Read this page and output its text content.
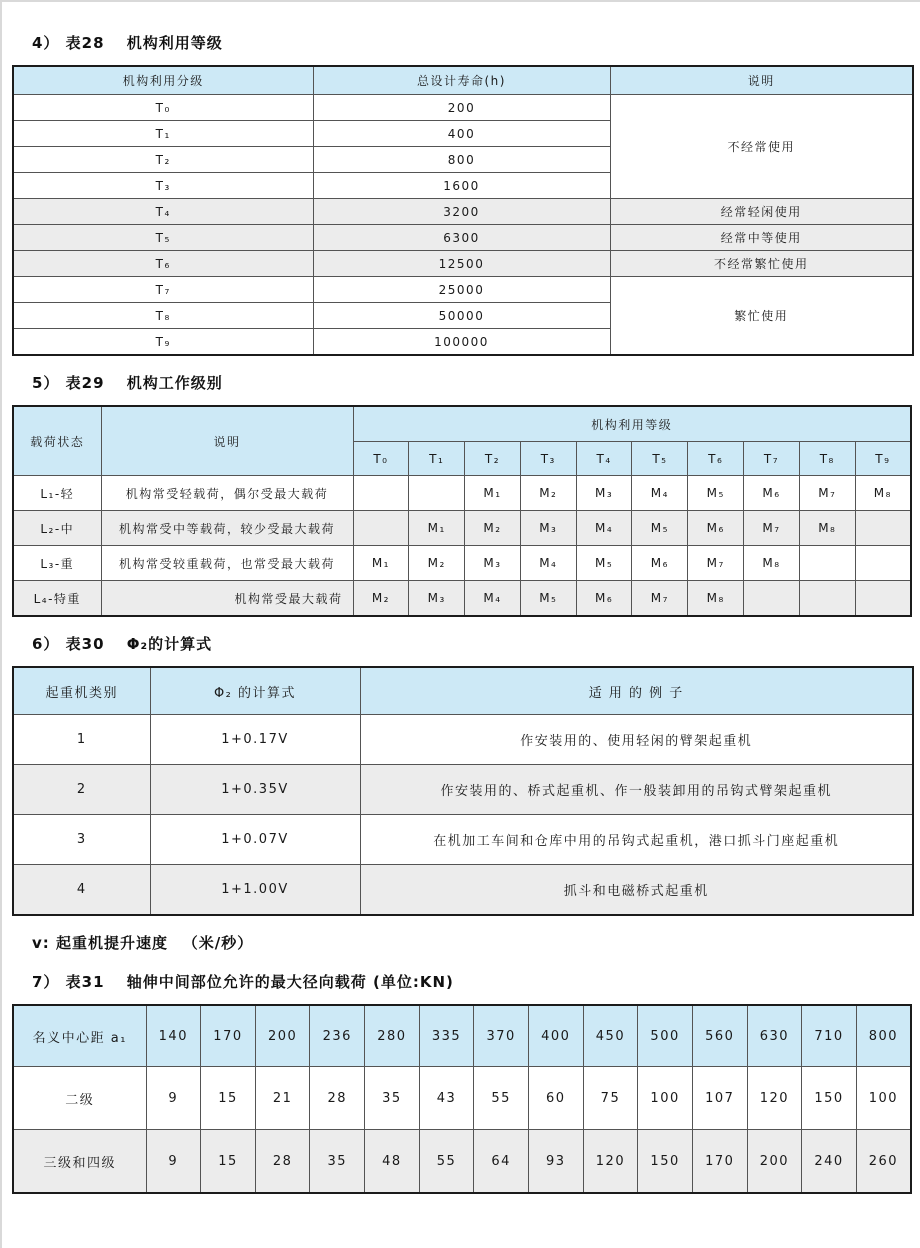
4） 表28　 机构利用等级
机构利用分级	总设计寿命(h)	说明
T₀	200	不经常使用
T₁	400	
T₂	800	
T₃	1600	
T₄	3200	经常轻闲使用
T₅	6300	经常中等使用
T₆	12500	不经常繁忙使用
T₇	25000	繁忙使用
T₈	50000	
T₉	100000	
5） 表29　 机构工作级别
载荷状态	说明	机构利用等级									
		T₀	T₁	T₂	T₃	T₄	T₅	T₆	T₇	T₈	T₉
L₁-轻	机构常受轻载荷，偶尔受最大载荷			M₁	M₂	M₃	M₄	M₅	M₆	M₇	M₈
L₂-中	机构常受中等载荷，较少受最大载荷		M₁	M₂	M₃	M₄	M₅	M₆	M₇	M₈	
L₃-重	机构常受较重载荷，也常受最大载荷	M₁	M₂	M₃	M₄	M₅	M₆	M₇	M₈		
L₄-特重	机构常受最大载荷	M₂	M₃	M₄	M₅	M₆	M₇	M₈			
6） 表30　 Φ₂的计算式
起重机类别	Φ₂ 的计算式	适 用 的 例 子
1	1+0.17V	作安装用的、使用轻闲的臂架起重机
2	1+0.35V	作安装用的、桥式起重机、作一般装卸用的吊钩式臂架起重机
3	1+0.07V	在机加工车间和仓库中用的吊钩式起重机，港口抓斗门座起重机
4	1+1.00V	抓斗和电磁桥式起重机

v: 起重机提升速度 　（米/秒）

7） 表31　 轴伸中间部位允许的最大径向载荷 (单位:KN)
名义中心距 a₁	140	170	200	236	280	335	370	400	450	500	560	630	710	800
二级	9	15	21	28	35	43	55	60	75	100	107	120	150	100
三级和四级	9	15	28	35	48	55	64	93	120	150	170	200	240	260
